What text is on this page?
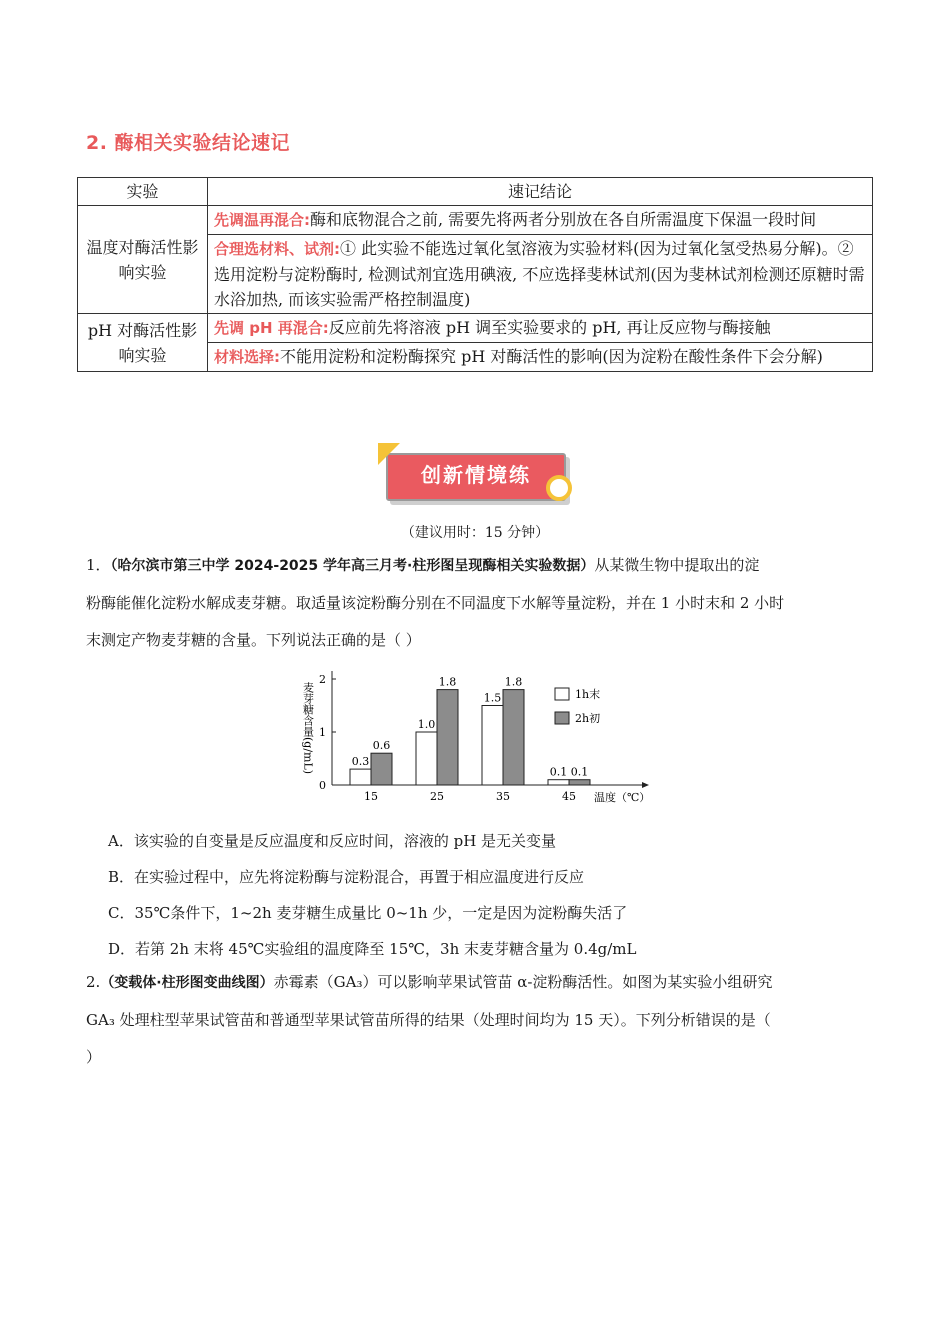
2. 酶相关实验结论速记
实验	速记结论
温度对酶活性影响实验	先调温再混合:酶和底物混合之前, 需要先将两者分别放在各自所需温度下保温一段时间
	合理选材料、试剂:① 此实验不能选过氧化氢溶液为实验材料(因为过氧化氢受热易分解)。②选用淀粉与淀粉酶时, 检测试剂宜选用碘液, 不应选择斐林试剂(因为斐林试剂检测还原糖时需水浴加热, 而该实验需严格控制温度)
pH 对酶活性影响实验	先调 pH 再混合:反应前先将溶液 pH 调至实验要求的 pH, 再让反应物与酶接触
	材料选择:不能用淀粉和淀粉酶探究 pH 对酶活性的影响(因为淀粉在酸性条件下会分解)
创新情境练
（建议用时：15 分钟）
1．（哈尔滨市第三中学 2024-2025 学年高三月考·柱形图呈现酶相关实验数据）从某微生物中提取出的淀
粉酶能催化淀粉水解成麦芽糖。取适量该淀粉酶分别在不同温度下水解等量淀粉，并在 1 小时末和 2 小时
末测定产物麦芽糖的含量。下列说法正确的是（ ）
0
1
2
麦芽糖含量(g/mL)	0.3
0.6
15
1.0
1.8
25
1.5
1.8
35
0.1 0.1
45 温度（℃）
1h末
2h初
A．该实验的自变量是反应温度和反应时间，溶液的 pH 是无关变量
B．在实验过程中，应先将淀粉酶与淀粉混合，再置于相应温度进行反应
C．35℃条件下，1~2h 麦芽糖生成量比 0~1h 少，一定是因为淀粉酶失活了
D．若第 2h 末将 45℃实验组的温度降至 15℃，3h 末麦芽糖含量为 0.4g/mL
2.（变载体·柱形图变曲线图）赤霉素（GA₃）可以影响苹果试管苗 α-淀粉酶活性。如图为某实验小组研究
GA₃ 处理柱型苹果试管苗和普通型苹果试管苗所得的结果（处理时间均为 15 天）。下列分析错误的是（
）
